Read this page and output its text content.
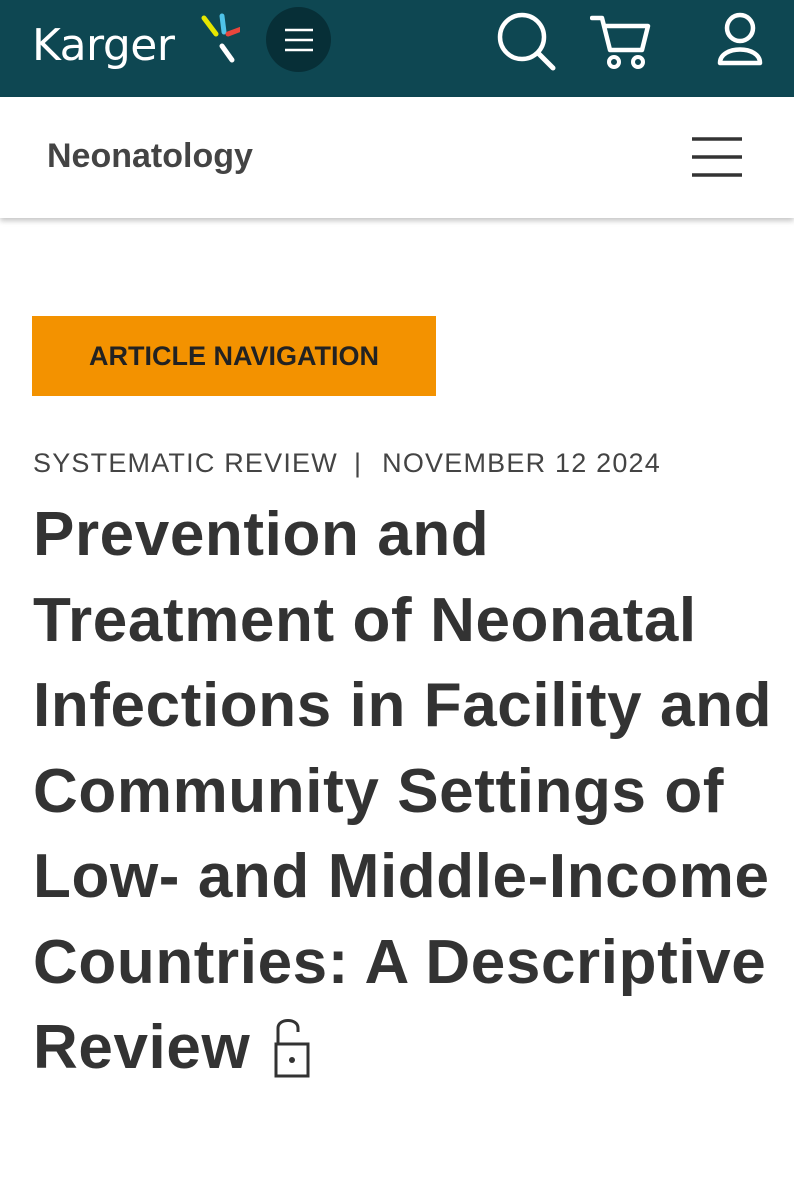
Karger
Neonatology
ARTICLE NAVIGATION
SYSTEMATIC REVIEW | NOVEMBER 12 2024
Prevention and Treatment of Neonatal Infections in Facility and Community Settings of Low- and Middle-Income Countries: A Descriptive Review
